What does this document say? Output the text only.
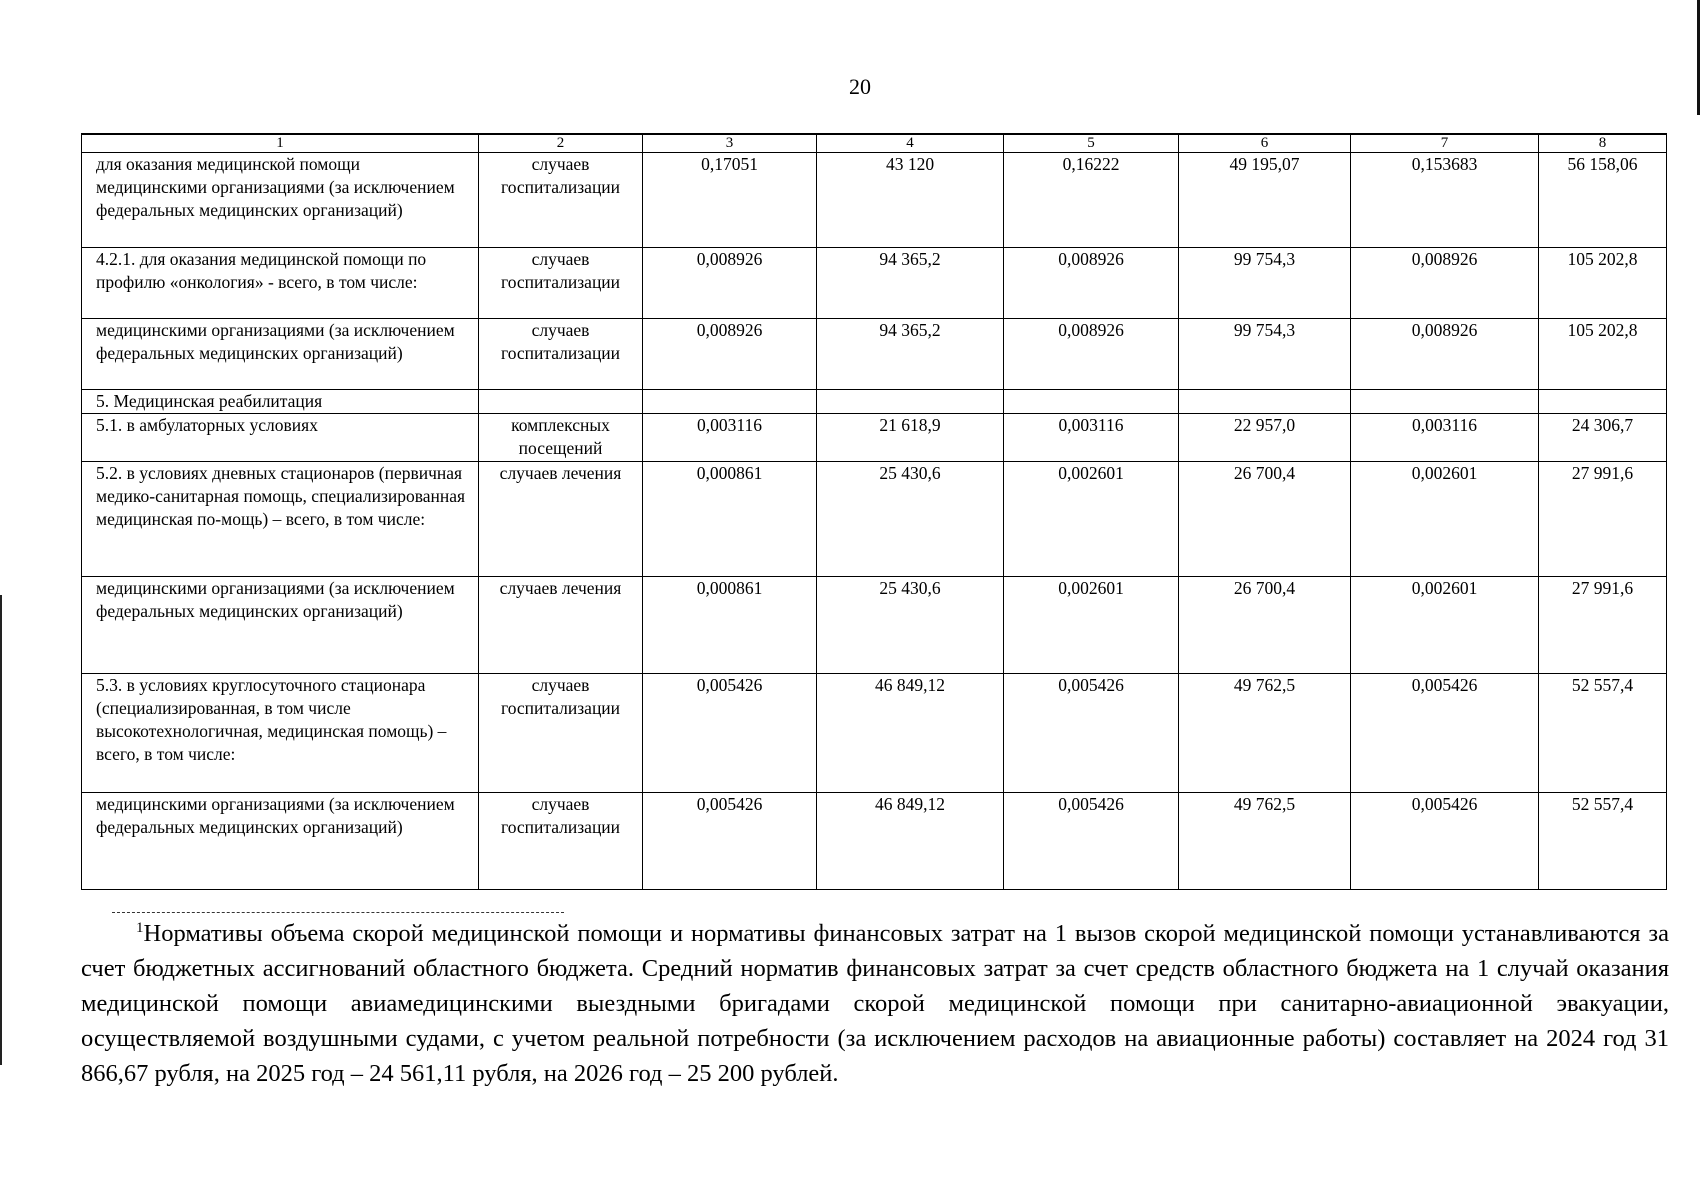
20
1	2	3	4	5	6	7	8
для оказания медицинской помощи медицинскими организациями (за исключением федеральных медицинских организаций)	случаев госпитализации	0,17051	43 120	0,16222	49 195,07	0,153683	56 158,06
4.2.1. для оказания медицинской помощи по профилю «онкология» - всего, в том числе:	случаев госпитализации	0,008926	94 365,2	0,008926	99 754,3	0,008926	105 202,8
медицинскими организациями (за исключением федеральных медицинских организаций)	случаев госпитализации	0,008926	94 365,2	0,008926	99 754,3	0,008926	105 202,8
5. Медицинская реабилитация							
5.1. в амбулаторных условиях	комплексных посещений	0,003116	21 618,9	0,003116	22 957,0	0,003116	24 306,7
5.2. в условиях дневных стационаров (первичная медико-санитарная помощь, специализированная медицинская по-мощь) – всего, в том числе:	случаев лечения	0,000861	25 430,6	0,002601	26 700,4	0,002601	27 991,6
медицинскими организациями (за исключением федеральных медицинских организаций)	случаев лечения	0,000861	25 430,6	0,002601	26 700,4	0,002601	27 991,6
5.3. в условиях круглосуточного стационара (специализированная, в том числе высокотехнологичная, медицинская помощь) – всего, в том числе:	случаев госпитализации	0,005426	46 849,12	0,005426	49 762,5	0,005426	52 557,4
медицинскими организациями (за исключением федеральных медицинских организаций)	случаев госпитализации	0,005426	46 849,12	0,005426	49 762,5	0,005426	52 557,4
$^1$Нормативы объема скорой медицинской помощи и нормативы финансовых затрат на 1 вызов скорой медицинской помощи устанавливаются за счет бюджетных ассигнований областного бюджета. Средний норматив финансовых затрат за счет средств областного бюджета на 1 случай оказания медицинской помощи авиамедицинскими выездными бригадами скорой медицинской помощи при санитарно-авиационной эвакуации, осуществляемой воздушными судами, с учетом реальной потребности (за исключением расходов на авиационные работы) составляет на 2024 год 31 866,67 рубля, на 2025 год – 24 561,11 рубля, на 2026 год – 25 200 рублей.
